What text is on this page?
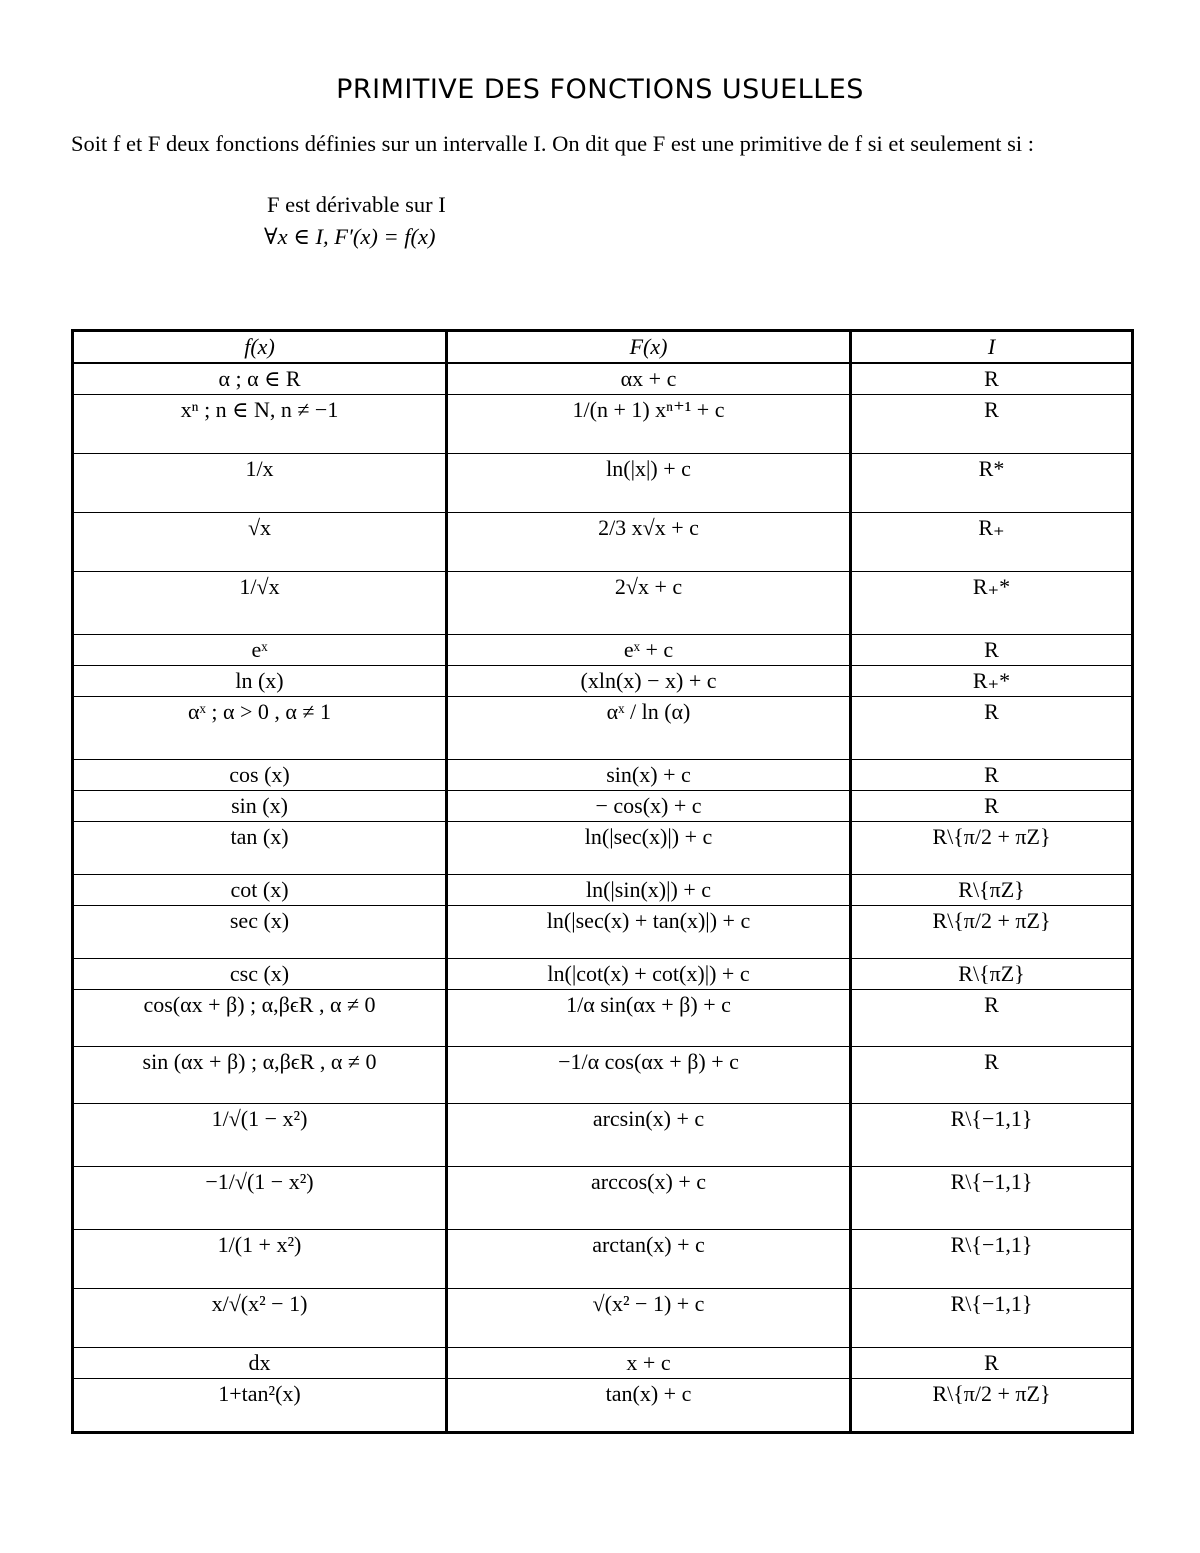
PRIMITIVE DES FONCTIONS USUELLES
Soit f et F deux fonctions définies sur un intervalle I. On dit que F est une primitive de f si et seulement si :
F est dérivable sur I
∀x ∈ I, F′(x) = f(x)
f(x)	F(x)	I
α ; α ∈ R	αx + c	R
xⁿ ; n ∈ N, n ≠ −1	1/(n + 1) xⁿ⁺¹ + c	R
1/x	ln(|x|) + c	R*
√x	2/3 x√x + c	R₊
1/√x	2√x + c	R₊*
eˣ	eˣ + c	R
ln (x)	(xln(x) − x) + c	R₊*
αˣ ; α > 0 , α ≠ 1	αˣ / ln (α)	R
cos (x)	sin(x) + c	R
sin (x)	− cos(x) + c	R
tan (x)	ln(|sec(x)|) + c	R\{π/2 + πZ}
cot (x)	ln(|sin(x)|) + c	R\{πZ}
sec (x)	ln(|sec(x) + tan(x)|) + c	R\{π/2 + πZ}
csc (x)	ln(|cot(x) + cot(x)|) + c	R\{πZ}
cos(αx + β) ; α,βϵR , α ≠ 0	1/α sin(αx + β) + c	R
sin (αx + β) ; α,βϵR , α ≠ 0	−1/α cos(αx + β) + c	R
1/√(1 − x²)	arcsin(x) + c	R\{−1,1}
−1/√(1 − x²)	arccos(x) + c	R\{−1,1}
1/(1 + x²)	arctan(x) + c	R\{−1,1}
x/√(x² − 1)	√(x² − 1) + c	R\{−1,1}
dx	x + c	R
1+tan²(x)	tan(x) + c	R\{π/2 + πZ}
